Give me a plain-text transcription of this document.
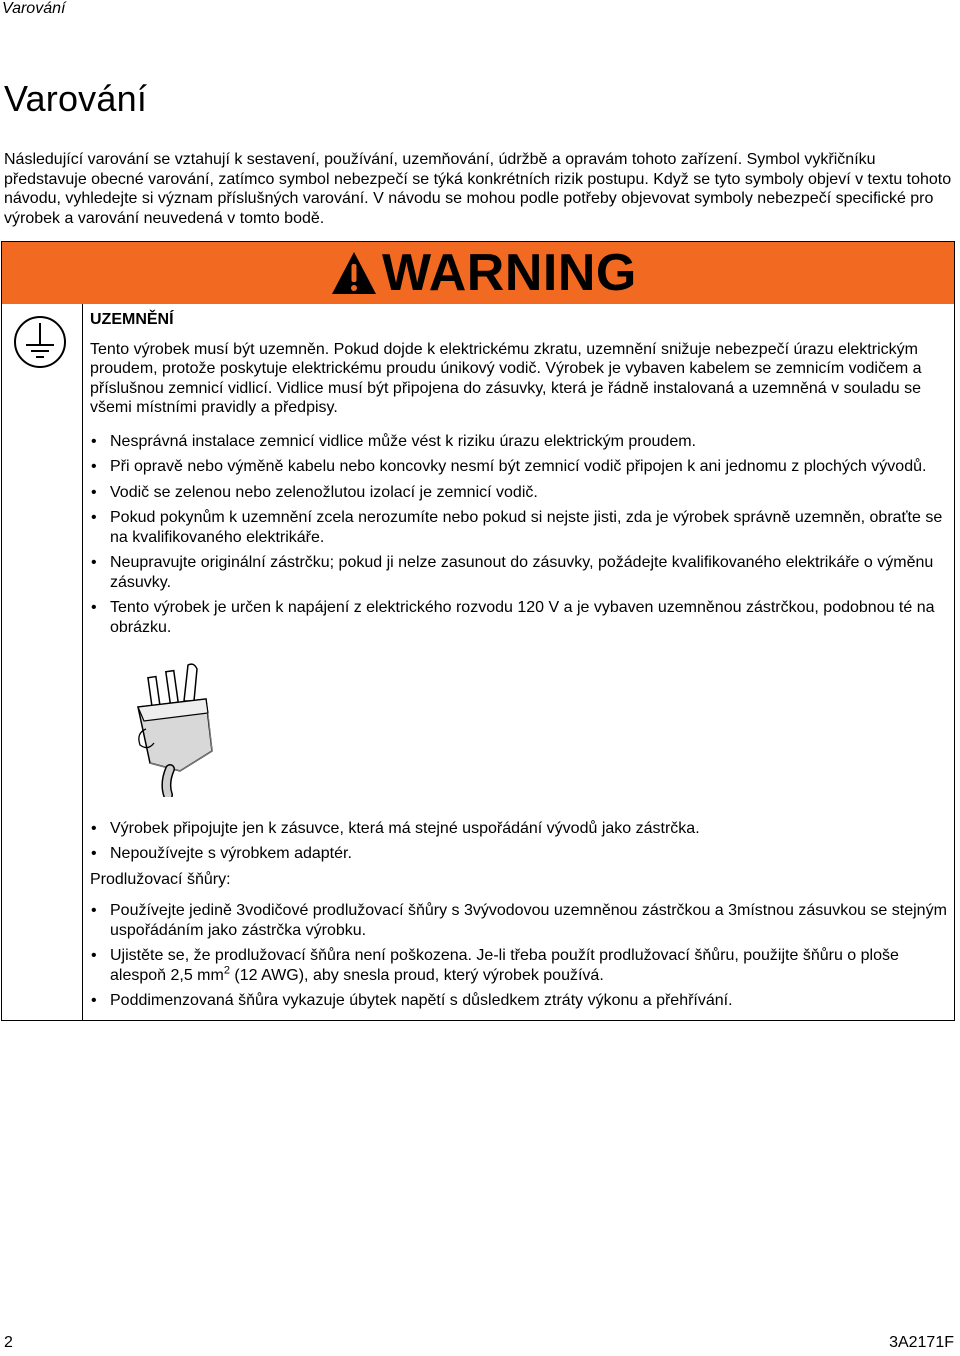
Varování
Varování

Následující varování se vztahují k sestavení, používání, uzemňování, údržbě a opravám tohoto zařízení. Symbol vykřičníku představuje obecné varování, zatímco symbol nebezpečí se týká konkrétních rizik postupu. Když se tyto symboly objeví v textu tohoto návodu, vyhledejte si význam příslušných varování. V návodu se mohou podle potřeby objevovat symboly nebezpečí specifické pro výrobek a varování neuvedená v tomto bodě.

WARNING
UZEMNĚNÍ

Tento výrobek musí být uzemněn. Pokud dojde k elektrickému zkratu, uzemnění snižuje nebezpečí úrazu elektrickým proudem, protože poskytuje elektrickému proudu únikový vodič. Výrobek je vybaven kabelem se zemnicím vodičem a příslušnou zemnicí vidlicí. Vidlice musí být připojena do zásuvky, která je řádně instalovaná a uzemněná v souladu se všemi místními pravidly a předpisy.

• Nesprávná instalace zemnicí vidlice může vést k riziku úrazu elektrickým proudem.
• Při opravě nebo výměně kabelu nebo koncovky nesmí být zemnicí vodič připojen k ani jednomu z plochých vývodů.
• Vodič se zelenou nebo zelenožlutou izolací je zemnicí vodič.
• Pokud pokynům k uzemnění zcela nerozumíte nebo pokud si nejste jisti, zda je výrobek správně uzemněn, obraťte se na kvalifikovaného elektrikáře.
• Neupravujte originální zástrčku; pokud ji nelze zasunout do zásuvky, požádejte kvalifikovaného elektrikáře o výměnu zásuvky.
• Tento výrobek je určen k napájení z elektrického rozvodu 120 V a je vybaven uzemněnou zástrčkou, podobnou té na obrázku.
• Výrobek připojujte jen k zásuvce, která má stejné uspořádání vývodů jako zástrčka.
• Nepoužívejte s výrobkem adaptér.
Prodlužovací šňůry:
• Používejte jedině 3vodičové prodlužovací šňůry s 3vývodovou uzemněnou zástrčkou a 3místnou zásuvkou se stejným uspořádáním jako zástrčka výrobku.
• Ujistěte se, že prodlužovací šňůra není poškozena. Je-li třeba použít prodlužovací šňůru, použijte šňůru o ploše alespoň 2,5 $mm^2$ (12 AWG), aby snesla proud, který výrobek používá.
• Poddimenzovaná šňůra vykazuje úbytek napětí s důsledkem ztráty výkonu a přehřívání.
2	3A2171F
